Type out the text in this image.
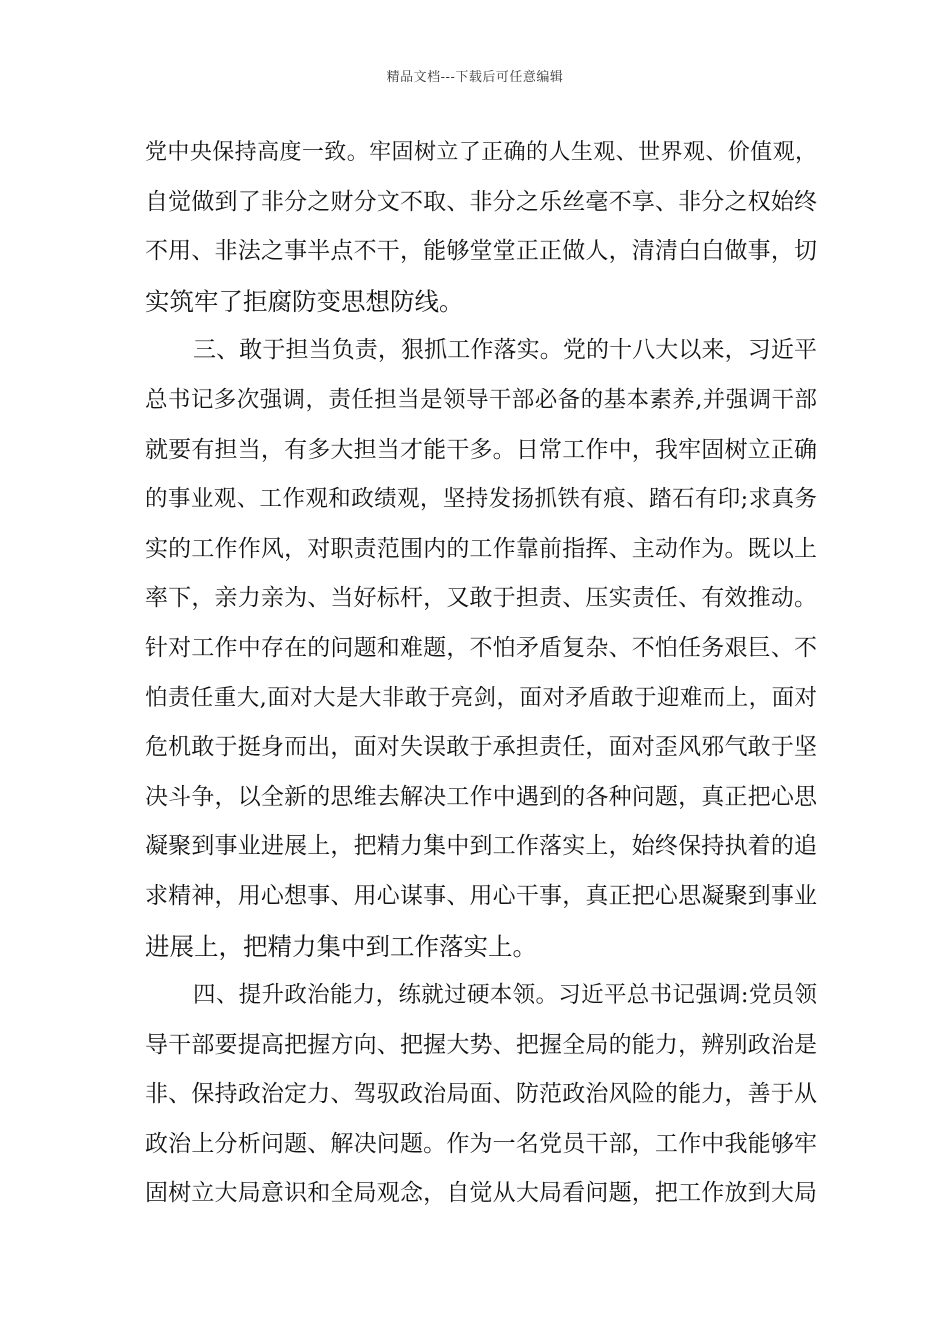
精品文档---下载后可任意编辑
党中央保持高度一致。牢固树立了正确的人生观、世界观、价值观，
自觉做到了非分之财分文不取、非分之乐丝毫不享、非分之权始终
不用、非法之事半点不干，能够堂堂正正做人，清清白白做事，切
实筑牢了拒腐防变思想防线。
三、敢于担当负责，狠抓工作落实。党的十八大以来，习近平
总书记多次强调，责任担当是领导干部必备的基本素养,并强调干部
就要有担当，有多大担当才能干多。日常工作中，我牢固树立正确
的事业观、工作观和政绩观，坚持发扬抓铁有痕、踏石有印;求真务
实的工作作风，对职责范围内的工作靠前指挥、主动作为。既以上
率下，亲力亲为、当好标杆，又敢于担责、压实责任、有效推动。
针对工作中存在的问题和难题，不怕矛盾复杂、不怕任务艰巨、不
怕责任重大,面对大是大非敢于亮剑，面对矛盾敢于迎难而上，面对
危机敢于挺身而出，面对失误敢于承担责任，面对歪风邪气敢于坚
决斗争，以全新的思维去解决工作中遇到的各种问题，真正把心思
凝聚到事业进展上，把精力集中到工作落实上，始终保持执着的追
求精神，用心想事、用心谋事、用心干事，真正把心思凝聚到事业
进展上，把精力集中到工作落实上。
四、提升政治能力，练就过硬本领。习近平总书记强调:党员领
导干部要提高把握方向、把握大势、把握全局的能力，辨别政治是
非、保持政治定力、驾驭政治局面、防范政治风险的能力，善于从
政治上分析问题、解决问题。作为一名党员干部，工作中我能够牢
固树立大局意识和全局观念，自觉从大局看问题，把工作放到大局
